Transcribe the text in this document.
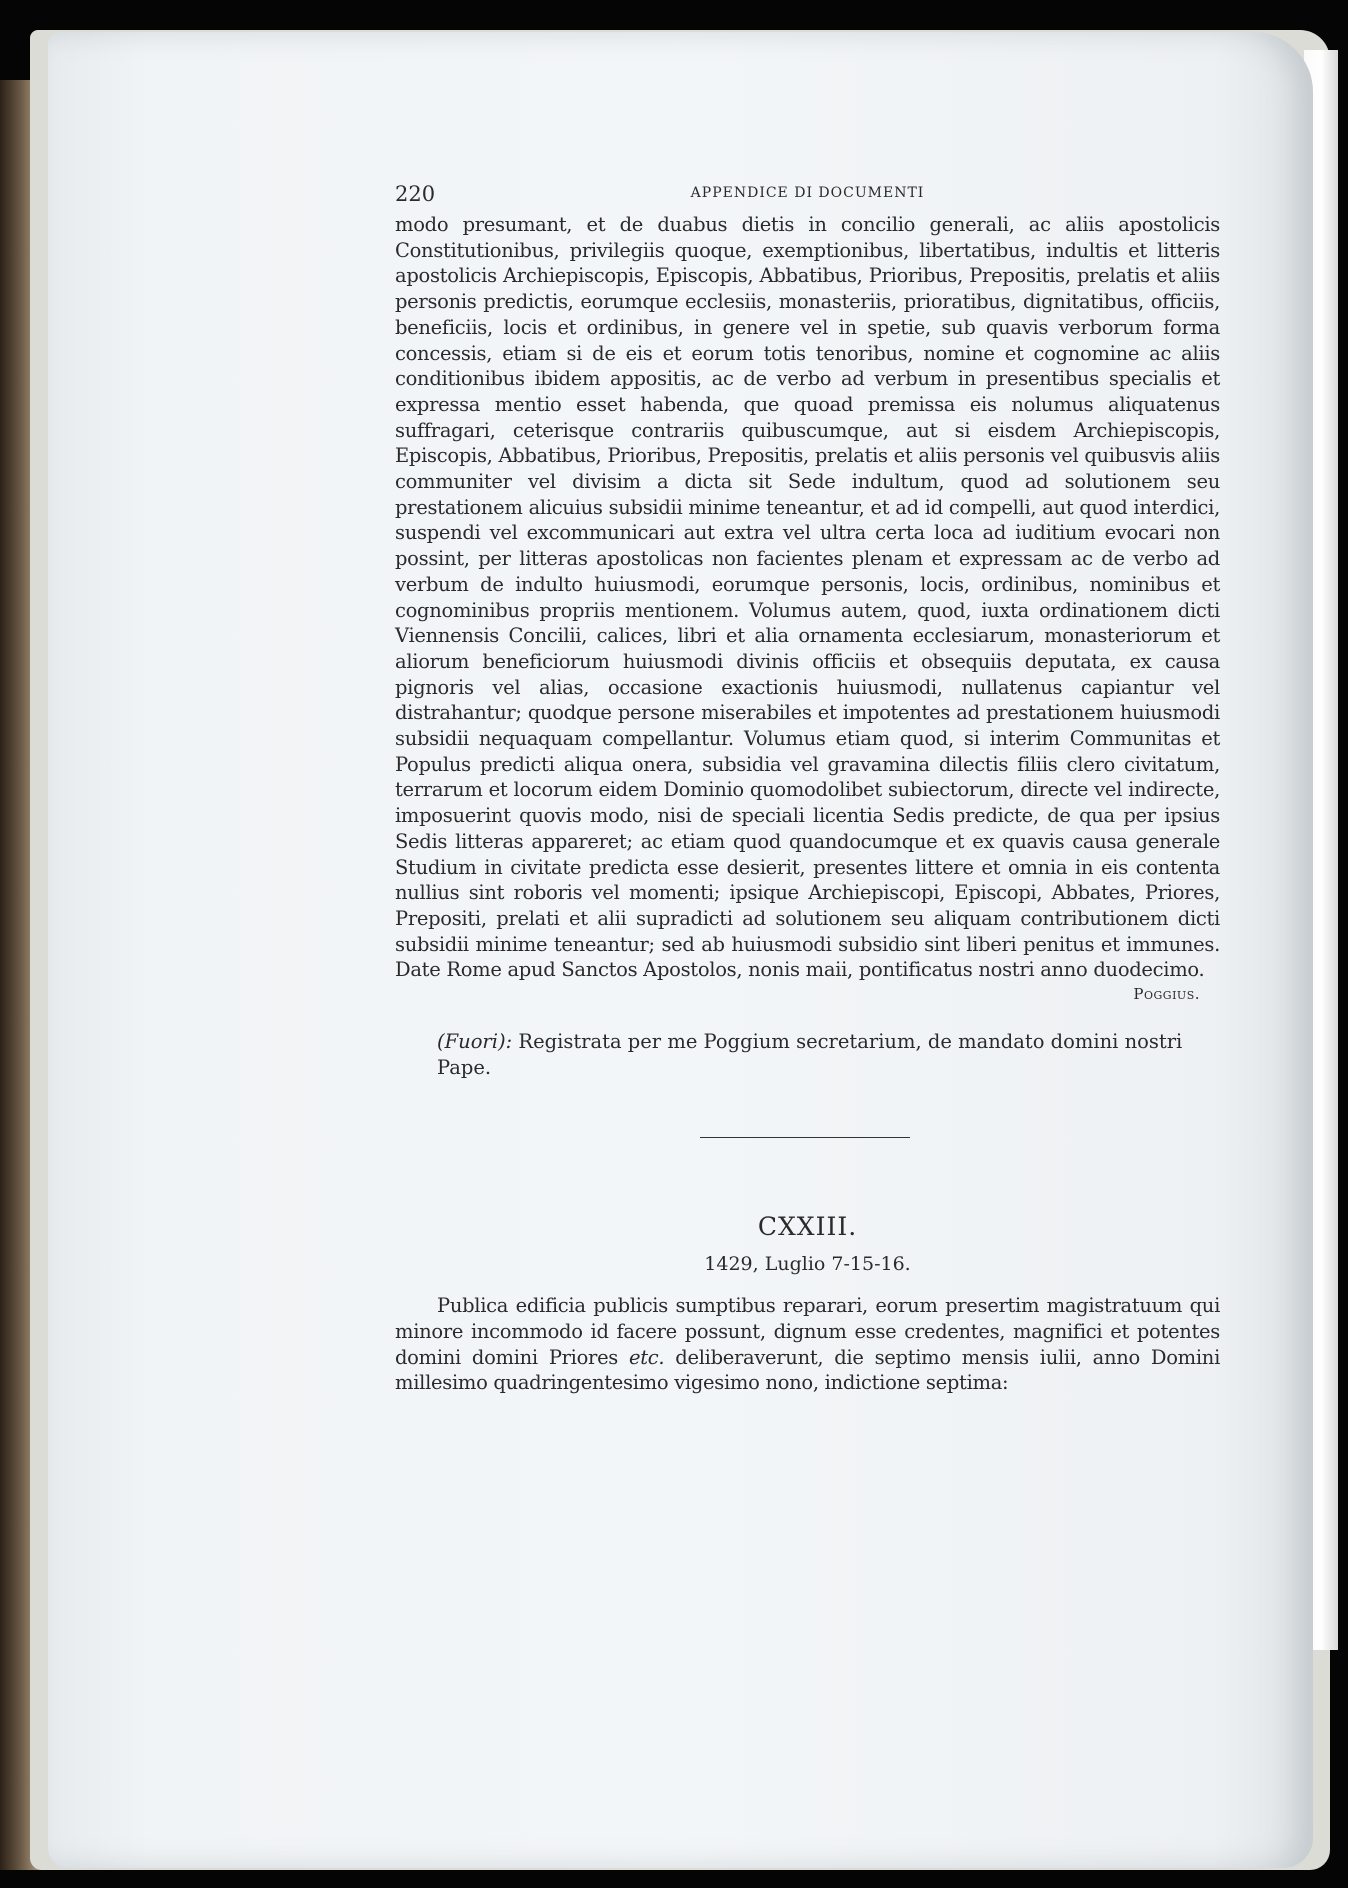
220	APPENDICE DI DOCUMENTI

modo presumant, et de duabus dietis in concilio generali, ac aliis apostolicis Constitutionibus, privilegiis quoque, exemptionibus, libertatibus, indultis et litteris apostolicis Archiepiscopis, Episcopis, Abbatibus, Prioribus, Prepositis, prelatis et aliis personis predictis, eorumque ecclesiis, monasteriis, prioratibus, dignitatibus, officiis, beneficiis, locis et ordinibus, in genere vel in spetie, sub quavis verborum forma concessis, etiam si de eis et eorum totis tenoribus, nomine et cognomine ac aliis conditionibus ibidem appositis, ac de verbo ad verbum in presentibus specialis et expressa mentio esset habenda, que quoad premissa eis nolumus aliquatenus suffragari, ceterisque contrariis quibuscumque, aut si eisdem Archiepiscopis, Episcopis, Abbatibus, Prioribus, Prepositis, prelatis et aliis personis vel quibusvis aliis communiter vel divisim a dicta sit Sede indultum, quod ad solutionem seu prestationem alicuius subsidii minime teneantur, et ad id compelli, aut quod interdici, suspendi vel excommunicari aut extra vel ultra certa loca ad iuditium evocari non possint, per litteras apostolicas non facientes plenam et expressam ac de verbo ad verbum de indulto huiusmodi, eorumque personis, locis, ordinibus, nominibus et cognominibus propriis mentionem. Volumus autem, quod, iuxta ordinationem dicti Viennensis Concilii, calices, libri et alia ornamenta ecclesiarum, monasteriorum et aliorum beneficiorum huiusmodi divinis officiis et obsequiis deputata, ex causa pignoris vel alias, occasione exactionis huiusmodi, nullatenus capiantur vel distrahantur; quodque persone miserabiles et impotentes ad prestationem huiusmodi subsidii nequaquam compellantur. Volumus etiam quod, si interim Communitas et Populus predicti aliqua onera, subsidia vel gravamina dilectis filiis clero civitatum, terrarum et locorum eidem Dominio quomodolibet subiectorum, directe vel indirecte, imposuerint quovis modo, nisi de speciali licentia Sedis predicte, de qua per ipsius Sedis litteras appareret; ac etiam quod quandocumque et ex quavis causa generale Studium in civitate predicta esse desierit, presentes littere et omnia in eis contenta nullius sint roboris vel momenti; ipsique Archiepiscopi, Episcopi, Abbates, Priores, Prepositi, prelati et alii supradicti ad solutionem seu aliquam contributionem dicti subsidii minime teneantur; sed ab huiusmodi subsidio sint liberi penitus et immunes. Date Rome apud Sanctos Apostolos, nonis maii, pontificatus nostri anno duodecimo.

Poggius.
(Fuori): Registrata per me Poggium secretarium, de mandato domini nostri Pape.
CXXIII.
1429, Luglio 7-15-16.

Publica edificia publicis sumptibus reparari, eorum presertim magistratuum qui minore incommodo id facere possunt, dignum esse credentes, magnifici et potentes domini domini Priores etc. deliberaverunt, die septimo mensis iulii, anno Domini millesimo quadringentesimo vigesimo nono, indictione septima:
